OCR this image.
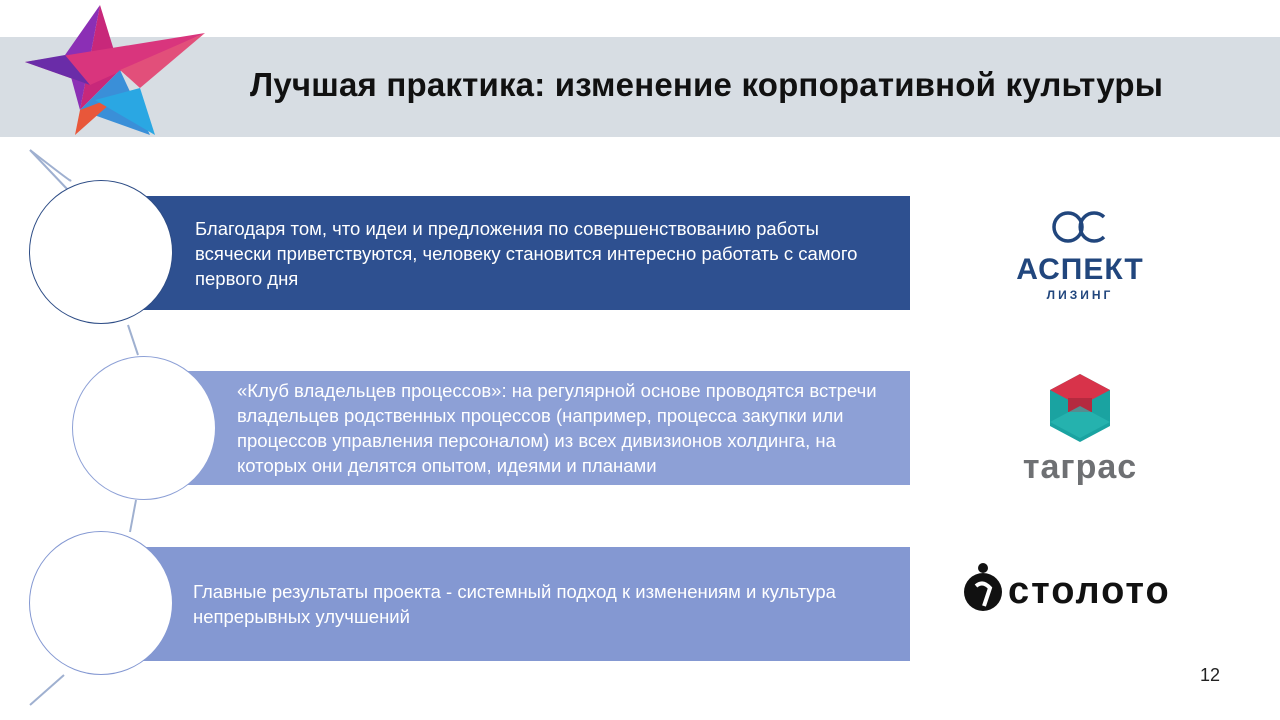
Лучшая практика: изменение корпоративной культуры
Благодаря том, что идеи и предложения по совершенствованию работы всячески приветствуются, человеку становится интересно работать с самого первого дня
«Клуб владельцев процессов»: на регулярной основе проводятся встречи владельцев родственных процессов (например, процесса закупки или процессов управления персоналом) из всех дивизионов холдинга, на которых они делятся опытом, идеями и планами
Главные результаты проекта - системный подход к изменениям и культура непрерывных улучшений
АСПЕКТ
ЛИЗИНГ
таграс
столото
12
